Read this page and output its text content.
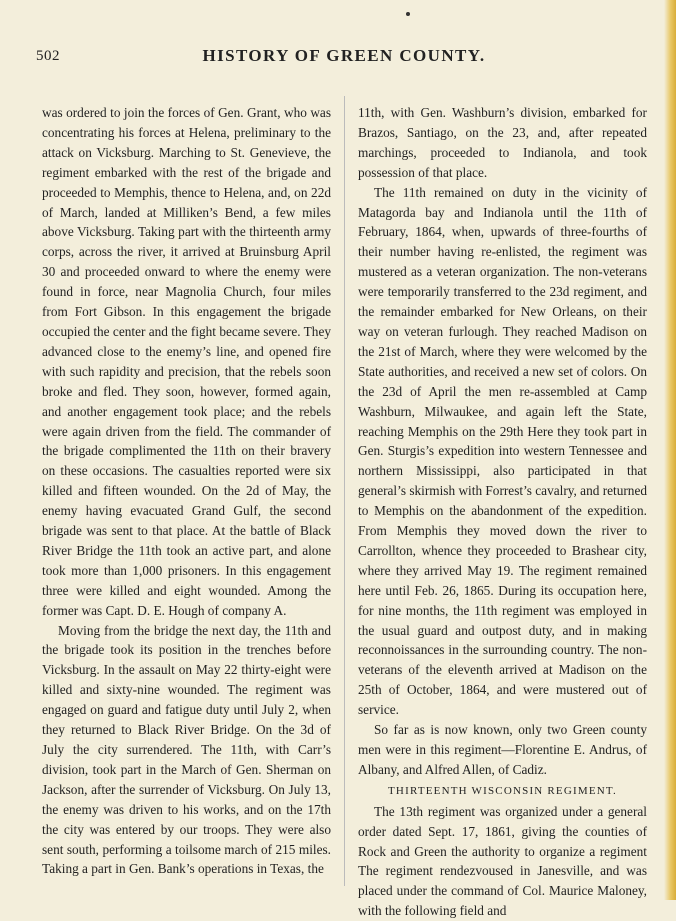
502	HISTORY OF GREEN COUNTY.

was ordered to join the forces of Gen. Grant, who was concentrating his forces at Helena, preliminary to the attack on Vicksburg. Marching to St. Genevieve, the regiment embarked with the rest of the brigade and proceeded to Memphis, thence to Helena, and, on 22d of March, landed at Milliken’s Bend, a few miles above Vicksburg. Taking part with the thirteenth army corps, across the river, it arrived at Bruinsburg April 30 and proceeded onward to where the enemy were found in force, near Magnolia Church, four miles from Fort Gibson. In this engagement the brigade occupied the center and the fight became severe. They advanced close to the enemy’s line, and opened fire with such rapidity and precision, that the rebels soon broke and fled. They soon, however, formed again, and another engagement took place; and the rebels were again driven from the field. The commander of the brigade complimented the 11th on their bravery on these occasions. The casualties reported were six killed and fifteen wounded. On the 2d of May, the enemy having evacuated Grand Gulf, the second brigade was sent to that place. At the battle of Black River Bridge the 11th took an active part, and alone took more than 1,000 prisoners. In this engagement three were killed and eight wounded. Among the former was Capt. D. E. Hough of company A.

Moving from the bridge the next day, the 11th and the brigade took its position in the trenches before Vicksburg. In the assault on May 22 thirty-eight were killed and sixty-nine wounded. The regiment was engaged on guard and fatigue duty until July 2, when they returned to Black River Bridge. On the 3d of July the city surrendered. The 11th, with Carr’s division, took part in the March of Gen. Sherman on Jackson, after the surrender of Vicksburg. On July 13, the enemy was driven to his works, and on the 17th the city was entered by our troops. They were also sent south, performing a toilsome march of 215 miles. Taking a part in Gen. Bank’s operations in Texas, the

11th, with Gen. Washburn’s division, embarked for Brazos, Santiago, on the 23, and, after repeated marchings, proceeded to Indianola, and took possession of that place.

The 11th remained on duty in the vicinity of Matagorda bay and Indianola until the 11th of February, 1864, when, upwards of three-fourths of their number having re-enlisted, the regiment was mustered as a veteran organization. The non-veterans were temporarily transferred to the 23d regiment, and the remainder embarked for New Orleans, on their way on veteran furlough. They reached Madison on the 21st of March, where they were welcomed by the State authorities, and received a new set of colors. On the 23d of April the men re-assembled at Camp Washburn, Milwaukee, and again left the State, reaching Memphis on the 29th Here they took part in Gen. Sturgis’s expedition into western Tennessee and northern Mississippi, also participated in that general’s skirmish with Forrest’s cavalry, and returned to Memphis on the abandonment of the expedition. From Memphis they moved down the river to Carrollton, whence they proceeded to Brashear city, where they arrived May 19. The regiment remained here until Feb. 26, 1865. During its occupation here, for nine months, the 11th regiment was employed in the usual guard and outpost duty, and in making reconnoissances in the surrounding country. The non-veterans of the eleventh arrived at Madison on the 25th of October, 1864, and were mustered out of service.

So far as is now known, only two Green county men were in this regiment—Florentine E. Andrus, of Albany, and Alfred Allen, of Cadiz.

THIRTEENTH WISCONSIN REGIMENT.

The 13th regiment was organized under a general order dated Sept. 17, 1861, giving the counties of Rock and Green the authority to organize a regiment The regiment rendezvoused in Janesville, and was placed under the command of Col. Maurice Maloney, with the following field and
